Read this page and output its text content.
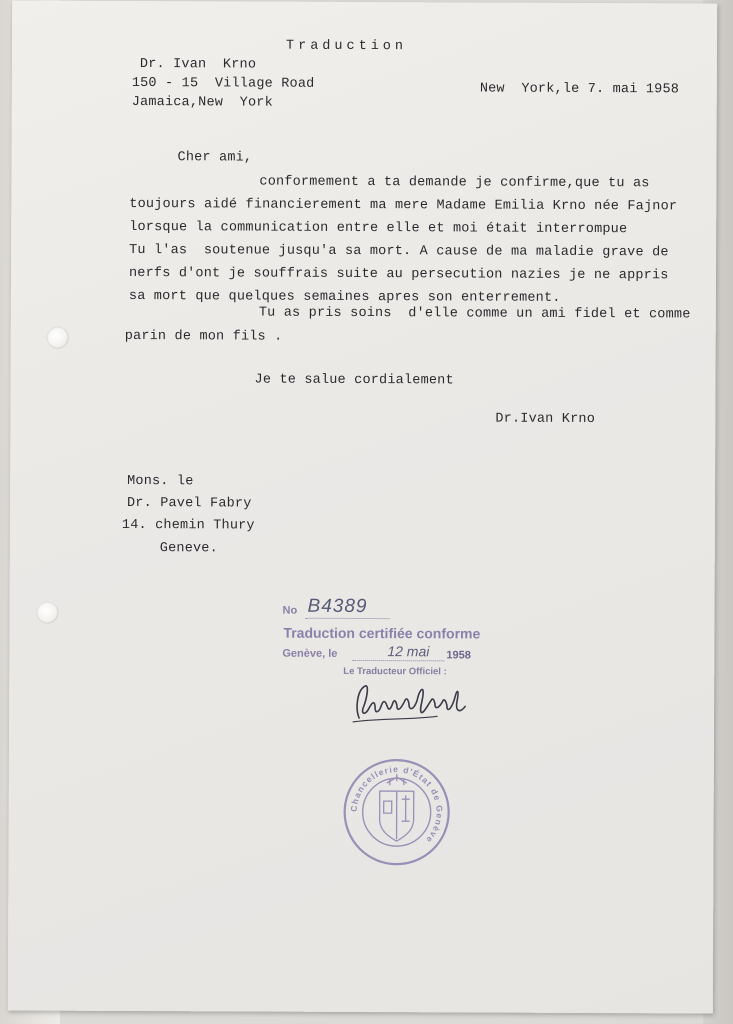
Traduction
Dr. Ivan  Krno
150 - 15  Village Road
Jamaica,New  York
New  York,le 7. mai 1958
Cher ami,
conformement a ta demande je confirme,que tu as
toujours aidé financierement ma mere Madame Emilia Krno née Fajnor
lorsque la communication entre elle et moi était interrompue
Tu l'as  soutenue jusqu'a sa mort. A cause de ma maladie grave de
nerfs d'ont je souffrais suite au persecution nazies je ne appris
sa mort que quelques semaines apres son enterrement.
Tu as pris soins  d'elle comme un ami fidel et comme
parin de mon fils .
Je te salue cordialement
Dr.Ivan Krno
Mons. le
Dr. Pavel Fabry
14. chemin Thury
Geneve.
No B4389
Traduction certifiée conforme
Genève, le	12 mai 1958
Le Traducteur Officiel :
Chancellerie d'État de Genève
